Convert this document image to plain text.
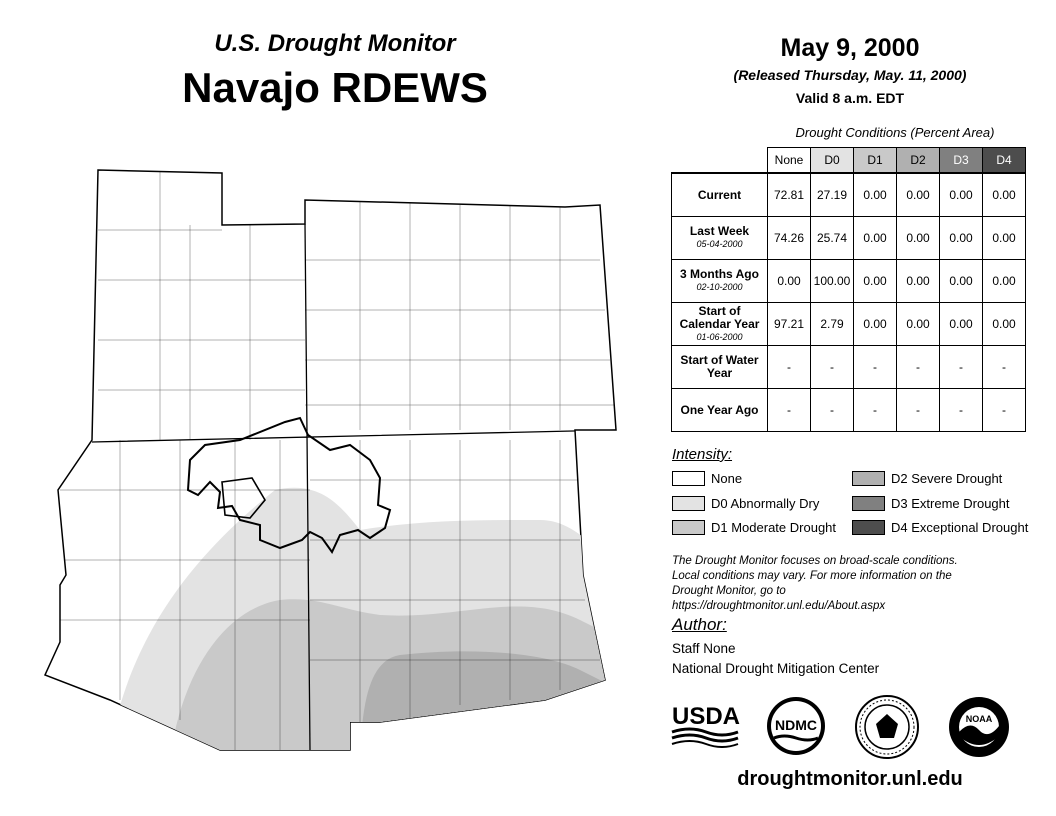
U.S. Drought Monitor
Navajo RDEWS
May 9, 2000
(Released Thursday, May. 11, 2000)
Valid 8 a.m. EDT
Drought Conditions (Percent Area)
	None	D0	D1	D2	D3	D4
Current	72.81	27.19	0.00	0.00	0.00	0.00
Last Week
05-04-2000	74.26	25.74	0.00	0.00	0.00	0.00
3 Months Ago
02-10-2000	0.00	100.00	0.00	0.00	0.00	0.00
Start of Calendar Year
01-06-2000	97.21	2.79	0.00	0.00	0.00	0.00
Start of Water Year	-	-	-	-	-	-
One Year Ago	-	-	-	-	-	-
Intensity:
None
D0 Abnormally Dry
D1 Moderate Drought
D2 Severe Drought
D3 Extreme Drought
D4 Exceptional Drought
The Drought Monitor focuses on broad-scale conditions.
Local conditions may vary. For more information on the
Drought Monitor, go to https://droughtmonitor.unl.edu/About.aspx
Author:
Staff None
National Drought Mitigation Center
USDA NDMC	NOAA
droughtmonitor.unl.edu
